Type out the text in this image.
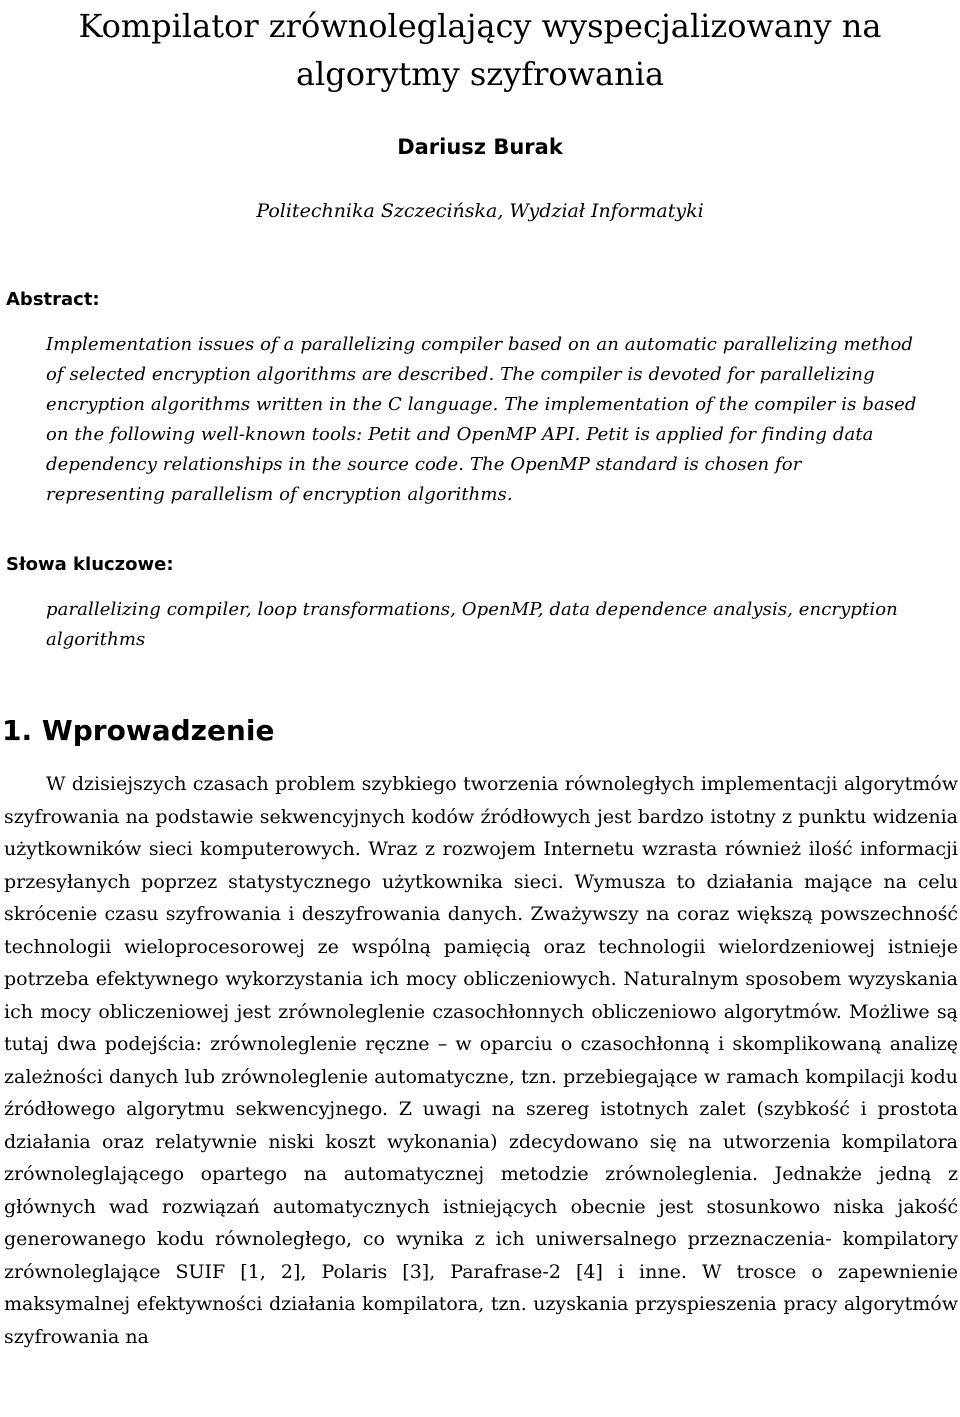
Kompilator zrównoleglający wyspecjalizowany na algorytmy szyfrowania
Dariusz Burak
Politechnika Szczecińska, Wydział Informatyki
Abstract:
Implementation issues of a parallelizing compiler based on an automatic parallelizing method of selected encryption algorithms are described. The compiler is devoted for parallelizing encryption algorithms written in the C language. The implementation of the compiler is based on the following well-known tools: Petit and OpenMP API. Petit is applied for finding data dependency relationships in the source code. The OpenMP standard is chosen for representing parallelism of encryption algorithms.
Słowa kluczowe:
parallelizing compiler, loop transformations, OpenMP, data dependence analysis, encryption algorithms
1. Wprowadzenie

W dzisiejszych czasach problem szybkiego tworzenia równoległych implementacji algorytmów szyfrowania na podstawie sekwencyjnych kodów źródłowych jest bardzo istotny z punktu widzenia użytkowników sieci komputerowych. Wraz z rozwojem Internetu wzrasta również ilość informacji przesyłanych poprzez statystycznego użytkownika sieci. Wymusza to działania mające na celu skrócenie czasu szyfrowania i deszyfrowania danych. Zważywszy na coraz większą powszechność technologii wieloprocesorowej ze wspólną pamięcią oraz technologii wielordzeniowej istnieje potrzeba efektywnego wykorzystania ich mocy obliczeniowych. Naturalnym sposobem wyzyskania ich mocy obliczeniowej jest zrównoleglenie czasochłonnych obliczeniowo algorytmów. Możliwe są tutaj dwa podejścia: zrównoleglenie ręczne – w oparciu o czasochłonną i skomplikowaną analizę zależności danych lub zrównoleglenie automatyczne, tzn. przebiegające w ramach kompilacji kodu źródłowego algorytmu sekwencyjnego. Z uwagi na szereg istotnych zalet (szybkość i prostota działania oraz relatywnie niski koszt wykonania) zdecydowano się na utworzenia kompilatora zrównoleglającego opartego na automatycznej metodzie zrównoleglenia. Jednakże jedną z głównych wad rozwiązań automatycznych istniejących obecnie jest stosunkowo niska jakość generowanego kodu równoległego, co wynika z ich uniwersalnego przeznaczenia- kompilatory zrównoleglające SUIF [1, 2], Polaris [3], Parafrase-2 [4] i inne. W trosce o zapewnienie maksymalnej efektywności działania kompilatora, tzn. uzyskania przyspieszenia pracy algorytmów szyfrowania na
